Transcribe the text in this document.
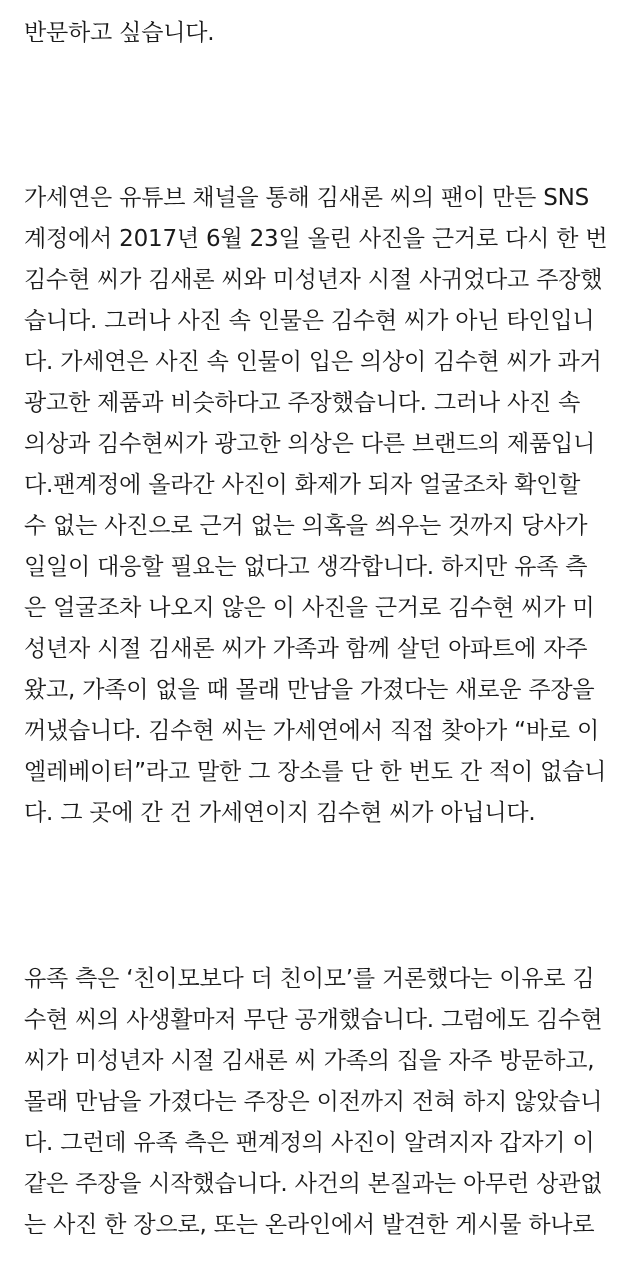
반문하고 싶습니다.
가세연은 유튜브 채널을 통해 김새론 씨의 팬이 만든 SNS
계정에서 2017년 6월 23일 올린 사진을 근거로 다시 한 번
김수현 씨가 김새론 씨와 미성년자 시절 사귀었다고 주장했
습니다. 그러나 사진 속 인물은 김수현 씨가 아닌 타인입니
다. 가세연은 사진 속 인물이 입은 의상이 김수현 씨가 과거
광고한 제품과 비슷하다고 주장했습니다. 그러나 사진 속
의상과 김수현씨가 광고한 의상은 다른 브랜드의 제품입니
다.팬계정에 올라간 사진이 화제가 되자 얼굴조차 확인할
수 없는 사진으로 근거 없는 의혹을 씌우는 것까지 당사가
일일이 대응할 필요는 없다고 생각합니다. 하지만 유족 측
은 얼굴조차 나오지 않은 이 사진을 근거로 김수현 씨가 미
성년자 시절 김새론 씨가 가족과 함께 살던 아파트에 자주
왔고, 가족이 없을 때 몰래 만남을 가졌다는 새로운 주장을
꺼냈습니다. 김수현 씨는 가세연에서 직접 찾아가 “바로 이
엘레베이터”라고 말한 그 장소를 단 한 번도 간 적이 없습니
다. 그 곳에 간 건 가세연이지 김수현 씨가 아닙니다.
유족 측은 ‘친이모보다 더 친이모’를 거론했다는 이유로 김
수현 씨의 사생활마저 무단 공개했습니다. 그럼에도 김수현
씨가 미성년자 시절 김새론 씨 가족의 집을 자주 방문하고,
몰래 만남을 가졌다는 주장은 이전까지 전혀 하지 않았습니
다. 그런데 유족 측은 팬계정의 사진이 알려지자 갑자기 이
같은 주장을 시작했습니다. 사건의 본질과는 아무런 상관없
는 사진 한 장으로, 또는 온라인에서 발견한 게시물 하나로
